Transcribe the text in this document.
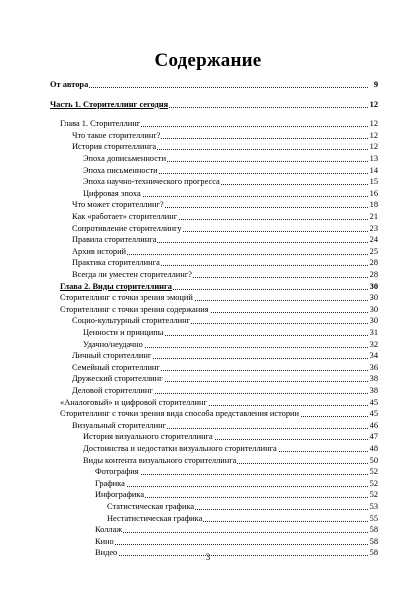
Содержание
От автора	9
Часть 1. Сторителлинг сегодня	12
Глава 1. Сторителлинг	12
Что такое сторителлинг?	12
История сторителлинга	12
Эпоха дописьменности	13
Эпоха письменности	14
Эпоха научно-технического прогресса	15
Цифровая эпоха	16
Что может сторителлинг?	18
Как «работает» сторителлинг	21
Сопротивление сторителлингу	23
Правила сторителлинга	24
Архив историй	25
Практика сторителлинга	28
Всегда ли уместен сторителлинг?	28
Глава 2. Виды сторителлинга	30
Сторителлинг с точки зрения эмоций	30
Сторителлинг с точки зрения содержания	30
Социо-культурный сторителлинг	30
Ценности и принципы	31
Удачно/неудачно	32
Личный сторителлинг	34
Семейный сторителлинг	36
Дружеский сторителлинг	38
Деловой сторителлинг	38
«Аналоговый» и цифровой сторителлинг	45
Сторителлинг с точки зрения вида способа представления истории	45
Визуальный сторителлинг	46
История визуального сторителлинга	47
Достоинства и недостатки визуального сторителлинга	48
Виды контента визуального сторителлинга	50
Фотография	52
Графика	52
Инфографика	52
Статистическая графика	53
Нестатистическая графика	55
Коллаж	58
Кино	58
Видео	58
3
